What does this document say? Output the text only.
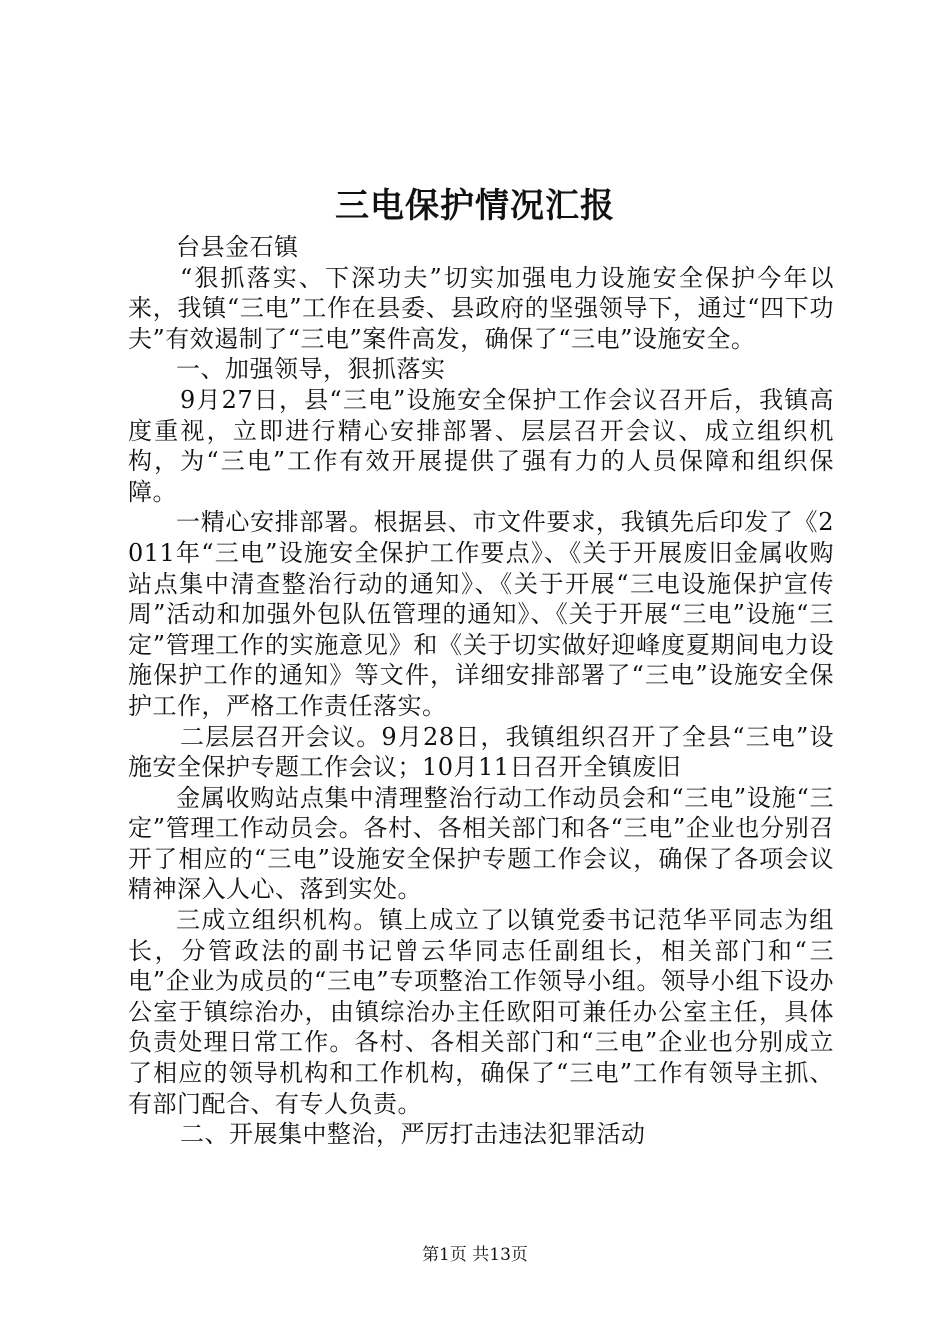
三电保护情况汇报

台县金石镇

“狠抓落实、下深功夫”切实加强电力设施安全保护今年以来，我镇“三电”工作在县委、县政府的坚强领导下，通过“四下功夫”有效遏制了“三电”案件高发，确保了“三电”设施安全。

一、加强领导，狠抓落实

9月27日，县“三电”设施安全保护工作会议召开后，我镇高度重视，立即进行精心安排部署、层层召开会议、成立组织机构，为“三电”工作有效开展提供了强有力的人员保障和组织保障。

一精心安排部署。根据县、市文件要求，我镇先后印发了《2011年“三电”设施安全保护工作要点》、《关于开展废旧金属收购站点集中清查整治行动的通知》、《关于开展“三电设施保护宣传周”活动和加强外包队伍管理的通知》、《关于开展“三电”设施“三定”管理工作的实施意见》和《关于切实做好迎峰度夏期间电力设施保护工作的通知》等文件，详细安排部署了“三电”设施安全保护工作，严格工作责任落实。

二层层召开会议。9月28日，我镇组织召开了全县“三电”设施安全保护专题工作会议；10月11日召开全镇废旧

金属收购站点集中清理整治行动工作动员会和“三电”设施“三定”管理工作动员会。各村、各相关部门和各“三电”企业也分别召开了相应的“三电”设施安全保护专题工作会议，确保了各项会议精神深入人心、落到实处。

三成立组织机构。镇上成立了以镇党委书记范华平同志为组长，分管政法的副书记曾云华同志任副组长，相关部门和“三电”企业为成员的“三电”专项整治工作领导小组。领导小组下设办公室于镇综治办，由镇综治办主任欧阳可兼任办公室主任，具体负责处理日常工作。各村、各相关部门和“三电”企业也分别成立了相应的领导机构和工作机构，确保了“三电”工作有领导主抓、有部门配合、有专人负责。

二、开展集中整治，严厉打击违法犯罪活动

第1页 共13页
